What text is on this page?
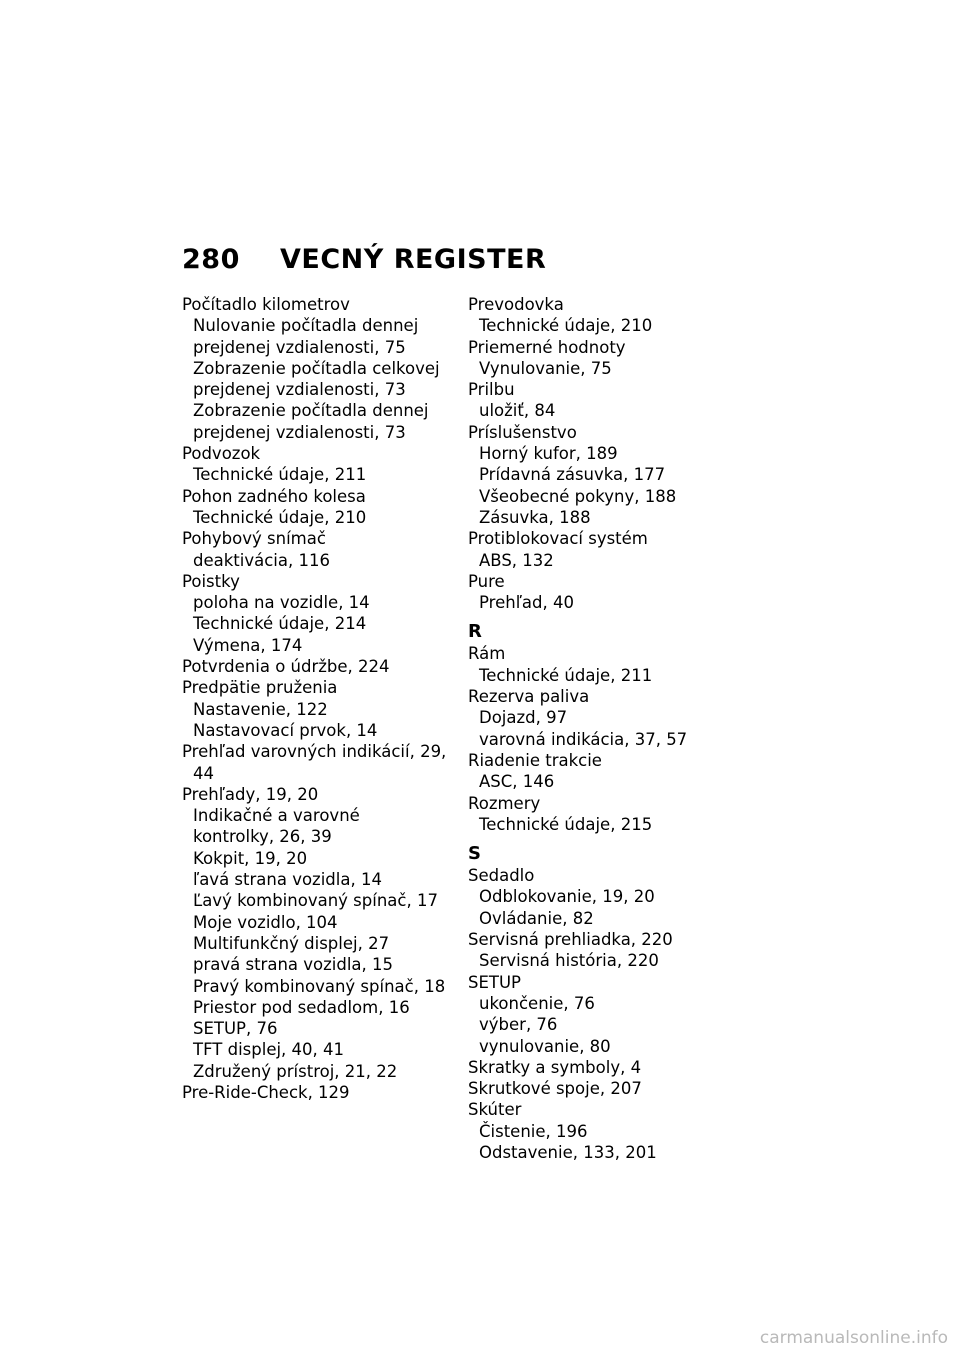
280 VECNÝ REGISTER
Počítadlo kilometrov
Nulovanie počítadla dennej
prejdenej vzdialenosti, 75
Zobrazenie počítadla celkovej
prejdenej vzdialenosti, 73
Zobrazenie počítadla dennej
prejdenej vzdialenosti, 73
Podvozok
Technické údaje, 211
Pohon zadného kolesa
Technické údaje, 210
Pohybový snímač
deaktivácia, 116
Poistky
poloha na vozidle, 14
Technické údaje, 214
Výmena, 174
Potvrdenia o údržbe, 224
Predpätie pruženia
Nastavenie, 122
Nastavovací prvok, 14
Prehľad varovných indikácií, 29,
44
Prehľady, 19, 20
Indikačné a varovné
kontrolky, 26, 39
Kokpit, 19, 20
ľavá strana vozidla, 14
Ľavý kombinovaný spínač, 17
Moje vozidlo, 104
Multifunkčný displej, 27
pravá strana vozidla, 15
Pravý kombinovaný spínač, 18
Priestor pod sedadlom, 16
SETUP, 76
TFT displej, 40, 41
Združený prístroj, 21, 22
Pre-Ride-Check, 129
Prevodovka
Technické údaje, 210
Priemerné hodnoty
Vynulovanie, 75
Prilbu
uložiť, 84
Príslušenstvo
Horný kufor, 189
Prídavná zásuvka, 177
Všeobecné pokyny, 188
Zásuvka, 188
Protiblokovací systém
ABS, 132
Pure
Prehľad, 40
R
Rám
Technické údaje, 211
Rezerva paliva
Dojazd, 97
varovná indikácia, 37, 57
Riadenie trakcie
ASC, 146
Rozmery
Technické údaje, 215
S
Sedadlo
Odblokovanie, 19, 20
Ovládanie, 82
Servisná prehliadka, 220
Servisná história, 220
SETUP
ukončenie, 76
výber, 76
vynulovanie, 80
Skratky a symboly, 4
Skrutkové spoje, 207
Skúter
Čistenie, 196
Odstavenie, 133, 201
carmanualsonline.info
